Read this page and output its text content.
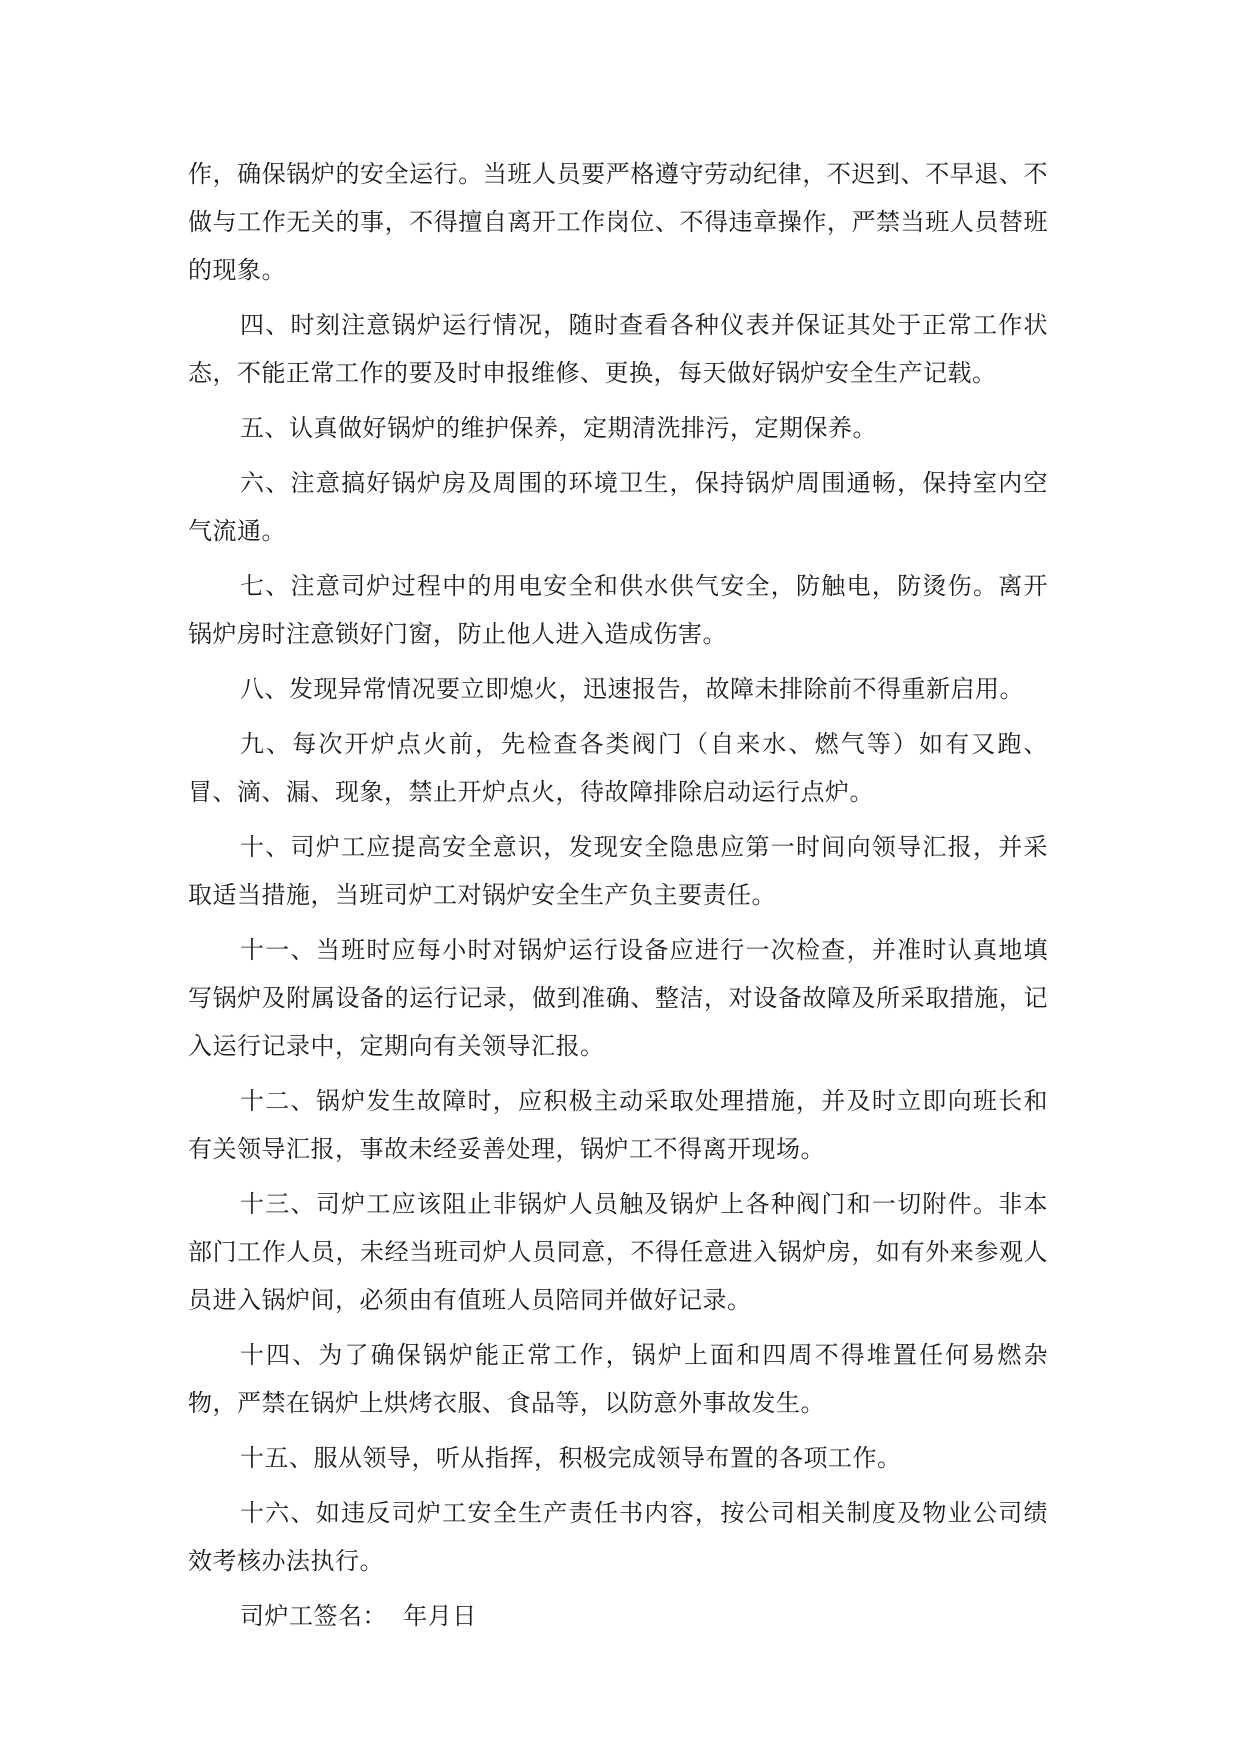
作，确保锅炉的安全运行。当班人员要严格遵守劳动纪律，不迟到、不早退、不做与工作无关的事，不得擅自离开工作岗位、不得违章操作，严禁当班人员替班的现象。

四、时刻注意锅炉运行情况，随时查看各种仪表并保证其处于正常工作状态，不能正常工作的要及时申报维修、更换，每天做好锅炉安全生产记载。

五、认真做好锅炉的维护保养，定期清洗排污，定期保养。

六、注意搞好锅炉房及周围的环境卫生，保持锅炉周围通畅，保持室内空气流通。

七、注意司炉过程中的用电安全和供水供气安全，防触电，防烫伤。离开锅炉房时注意锁好门窗，防止他人进入造成伤害。

八、发现异常情况要立即熄火，迅速报告，故障未排除前不得重新启用。

九、每次开炉点火前，先检查各类阀门（自来水、燃气等）如有又跑、冒、滴、漏、现象，禁止开炉点火，待故障排除启动运行点炉。

十、司炉工应提高安全意识，发现安全隐患应第一时间向领导汇报，并采取适当措施，当班司炉工对锅炉安全生产负主要责任。

十一、当班时应每小时对锅炉运行设备应进行一次检查，并准时认真地填写锅炉及附属设备的运行记录，做到准确、整洁，对设备故障及所采取措施，记入运行记录中，定期向有关领导汇报。

十二、锅炉发生故障时，应积极主动采取处理措施，并及时立即向班长和有关领导汇报，事故未经妥善处理，锅炉工不得离开现场。

十三、司炉工应该阻止非锅炉人员触及锅炉上各种阀门和一切附件。非本部门工作人员，未经当班司炉人员同意，不得任意进入锅炉房，如有外来参观人员进入锅炉间，必须由有值班人员陪同并做好记录。

十四、为了确保锅炉能正常工作，锅炉上面和四周不得堆置任何易燃杂物，严禁在锅炉上烘烤衣服、食品等，以防意外事故发生。

十五、服从领导，听从指挥，积极完成领导布置的各项工作。

十六、如违反司炉工安全生产责任书内容，按公司相关制度及物业公司绩效考核办法执行。

司炉工签名： 年月日
